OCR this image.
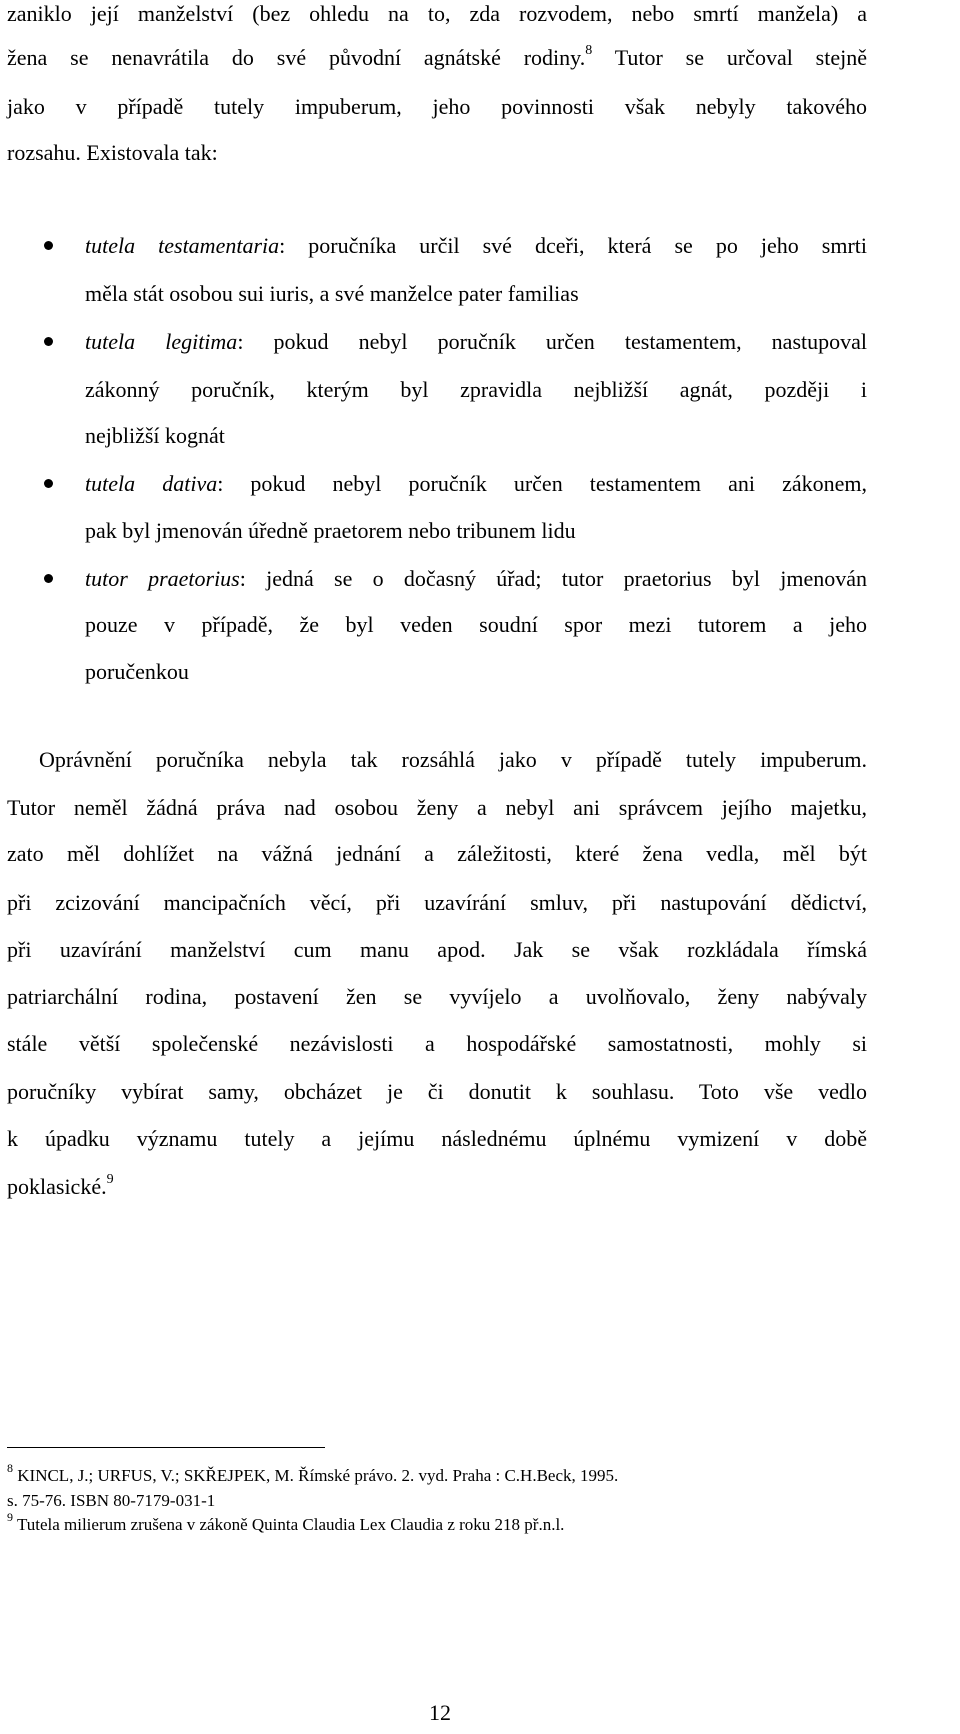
zaniklo její manželství (bez ohledu na to, zda rozvodem, nebo smrtí manžela) a
žena se nenavrátila do své původní agnátské rodiny.$^8$ Tutor se určoval stejně
jako v případě tutely impuberum, jeho povinnosti však nebyly takového
rozsahu. Existovala tak:
tutela testamentaria: poručníka určil své dceři, která se po jeho smrti
měla stát osobou sui iuris, a své manželce pater familias
tutela legitima: pokud nebyl poručník určen testamentem, nastupoval
zákonný poručník, kterým byl zpravidla nejbližší agnát, později i
nejbližší kognát
tutela dativa: pokud nebyl poručník určen testamentem ani zákonem,
pak byl jmenován úředně praetorem nebo tribunem lidu
tutor praetorius: jedná se o dočasný úřad; tutor praetorius byl jmenován
pouze v případě, že byl veden soudní spor mezi tutorem a jeho
poručenkou
Oprávnění poručníka nebyla tak rozsáhlá jako v případě tutely impuberum.
Tutor neměl žádná práva nad osobou ženy a nebyl ani správcem jejího majetku,
zato měl dohlížet na vážná jednání a záležitosti, které žena vedla, měl být
při zcizování mancipačních věcí, při uzavírání smluv, při nastupování dědictví,
při uzavírání manželství cum manu apod. Jak se však rozkládala římská
patriarchální rodina, postavení žen se vyvíjelo a uvolňovalo, ženy nabývaly
stále větší společenské nezávislosti a hospodářské samostatnosti, mohly si
poručníky vybírat samy, obcházet je či donutit k souhlasu. Toto vše vedlo
k úpadku významu tutely a jejímu následnému úplnému vymizení v době
poklasické.$^9$
$^8$ KINCL, J.; URFUS, V.; SKŘEJPEK, M. Římské právo. 2. vyd. Praha : C.H.Beck, 1995.
s. 75-76. ISBN 80-7179-031-1
$^9$ Tutela milierum zrušena v zákoně Quinta Claudia Lex Claudia z roku 218 př.n.l.
12
